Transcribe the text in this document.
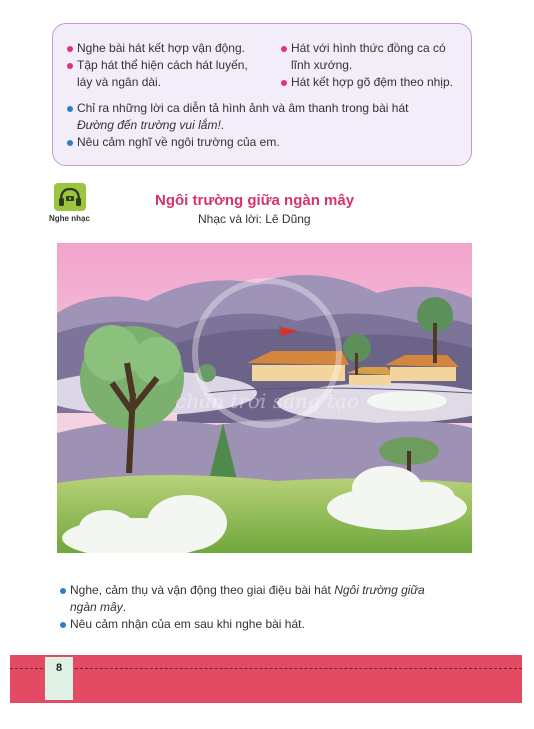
Nghe bài hát kết hợp vận động.
Tập hát thể hiện cách hát luyến,
láy và ngân dài.
Hát với hình thức đồng ca có
lĩnh xướng.
Hát kết hợp gõ đệm theo nhịp.
Chỉ ra những lời ca diễn tả hình ảnh và âm thanh trong bài hát
Đường đến trường vui lắm!.
Nêu cảm nghĩ về ngôi trường của em.
Nghe nhạc
Ngôi trường giữa ngàn mây
Nhạc và lời: Lê Dũng
chân trời sáng tạo
Nghe, cảm thụ và vận động theo giai điệu bài hát Ngôi trường giữa
ngàn mây.
Nêu cảm nhận của em sau khi nghe bài hát.
8
